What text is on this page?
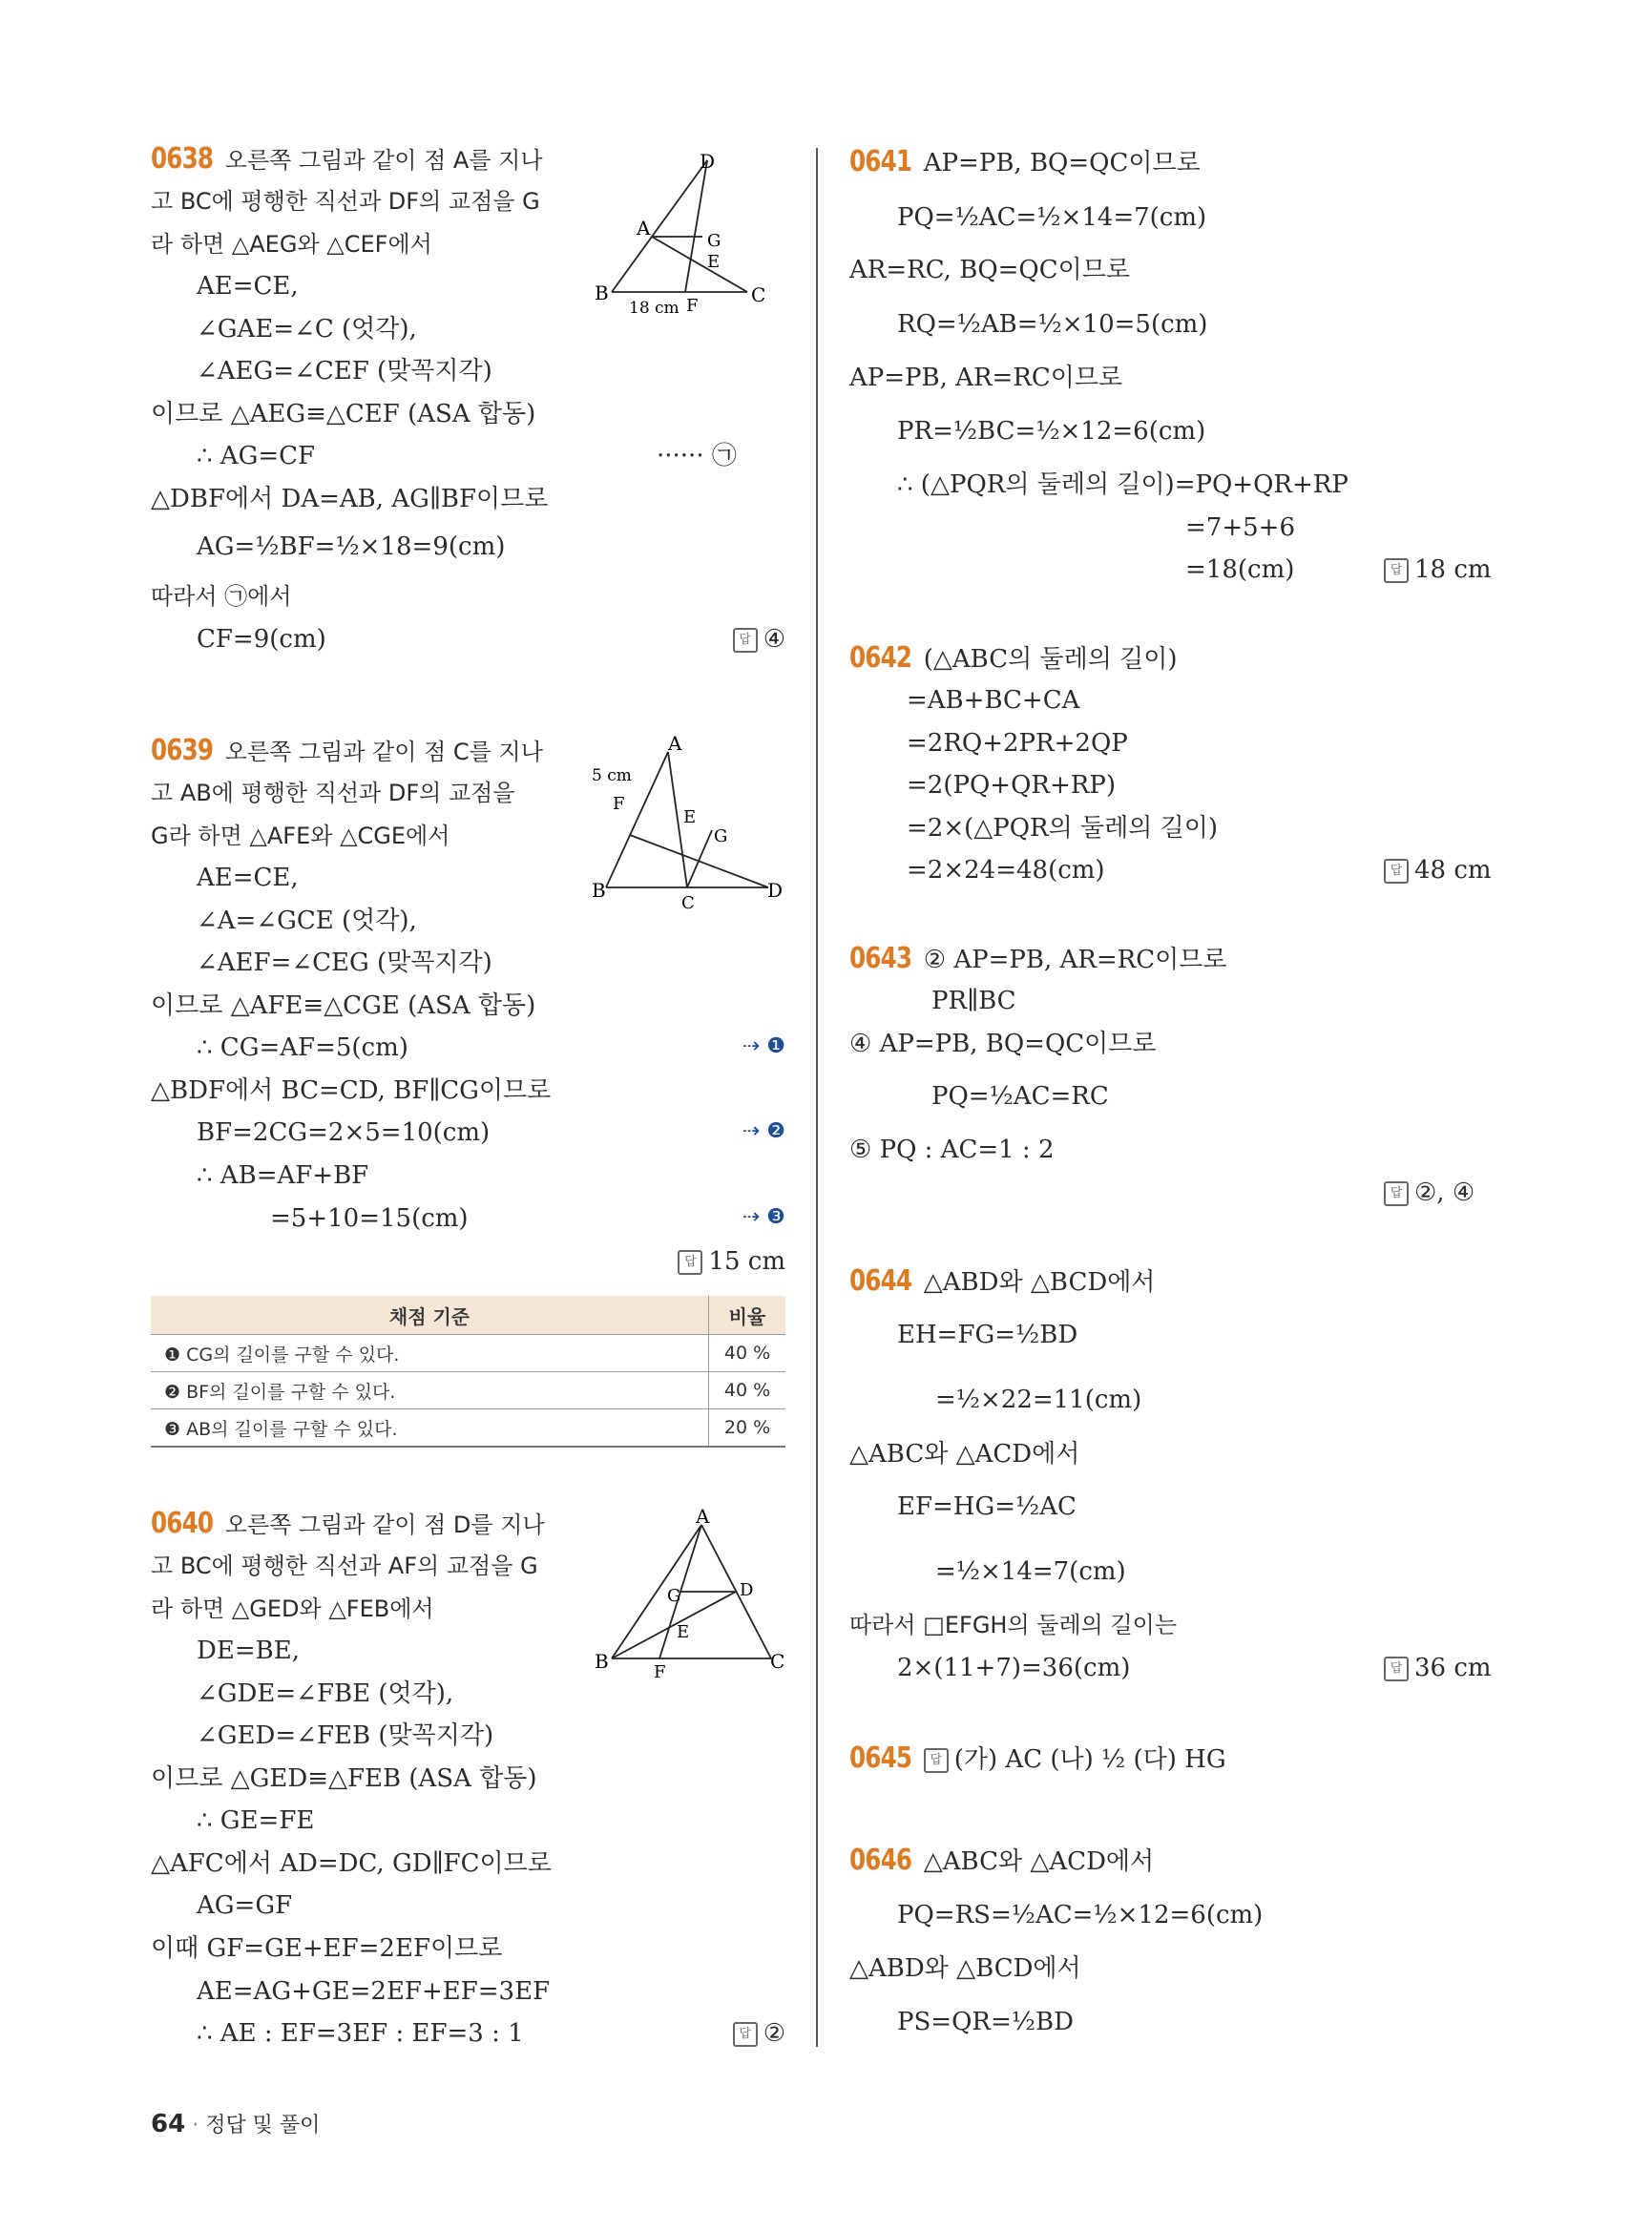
0638 오른쪽 그림과 같이 점 A를 지나
고 BC에 평행한 직선과 DF의 교점을 G
라 하면 △AEG와 △CEF에서
AE=CE,
∠GAE=∠C (엇각),
∠AEG=∠CEF (맞꼭지각)
이므로 △AEG≡△CEF (ASA 합동)
∴ AG=CF	······ ㉠
△DBF에서 DA=AB, AG∥BF이므로
AG=½BF=½×18=9(cm)
따라서 ㉠에서
CF=9(cm)	답 ④
D
A
G
E
B
F	C
18 cm
0639 오른쪽 그림과 같이 점 C를 지나
고 AB에 평행한 직선과 DF의 교점을
G라 하면 △AFE와 △CGE에서
AE=CE,
∠A=∠GCE (엇각),
∠AEF=∠CEG (맞꼭지각)
이므로 △AFE≡△CGE (ASA 합동)
∴ CG=AF=5(cm)	⇢ ❶
△BDF에서 BC=CD, BF∥CG이므로
BF=2CG=2×5=10(cm)	⇢ ❷
∴ AB=AF+BF
=5+10=15(cm)	⇢ ❸
답 15 cm
A
5 cm
F
E
G
B
C
D
채점 기준	비율
❶ CG의 길이를 구할 수 있다.	40 %
❷ BF의 길이를 구할 수 있다.	40 %
❸ AB의 길이를 구할 수 있다.	20 %
0640 오른쪽 그림과 같이 점 D를 지나
고 BC에 평행한 직선과 AF의 교점을 G
라 하면 △GED와 △FEB에서
DE=BE,
∠GDE=∠FBE (엇각),
∠GED=∠FEB (맞꼭지각)
이므로 △GED≡△FEB (ASA 합동)
∴ GE=FE
△AFC에서 AD=DC, GD∥FC이므로
AG=GF
이때 GF=GE+EF=2EF이므로
AE=AG+GE=2EF+EF=3EF
∴ AE : EF=3EF : EF=3 : 1	답 ②
A
G	D
E
B	F	C
0641 AP=PB, BQ=QC이므로
PQ=½AC=½×14=7(cm)
AR=RC, BQ=QC이므로
RQ=½AB=½×10=5(cm)
AP=PB, AR=RC이므로
PR=½BC=½×12=6(cm)
∴ (△PQR의 둘레의 길이)=PQ+QR+RP
=7+5+6
=18(cm)	답 18 cm
0642 (△ABC의 둘레의 길이)
=AB+BC+CA
=2RQ+2PR+2QP
=2(PQ+QR+RP)
=2×(△PQR의 둘레의 길이)
=2×24=48(cm)	답 48 cm
0643 ② AP=PB, AR=RC이므로
PR∥BC
④ AP=PB, BQ=QC이므로
PQ=½AC=RC
⑤ PQ : AC=1 : 2
답 ②, ④
0644 △ABD와 △BCD에서
EH=FG=½BD
=½×22=11(cm)
△ABC와 △ACD에서
EF=HG=½AC
=½×14=7(cm)
따라서 □EFGH의 둘레의 길이는
2×(11+7)=36(cm)	답 36 cm
0645 답 (가) AC (나) ½ (다) HG
0646 △ABC와 △ACD에서
PQ=RS=½AC=½×12=6(cm)
△ABD와 △BCD에서
PS=QR=½BD
64 · 정답 및 풀이
